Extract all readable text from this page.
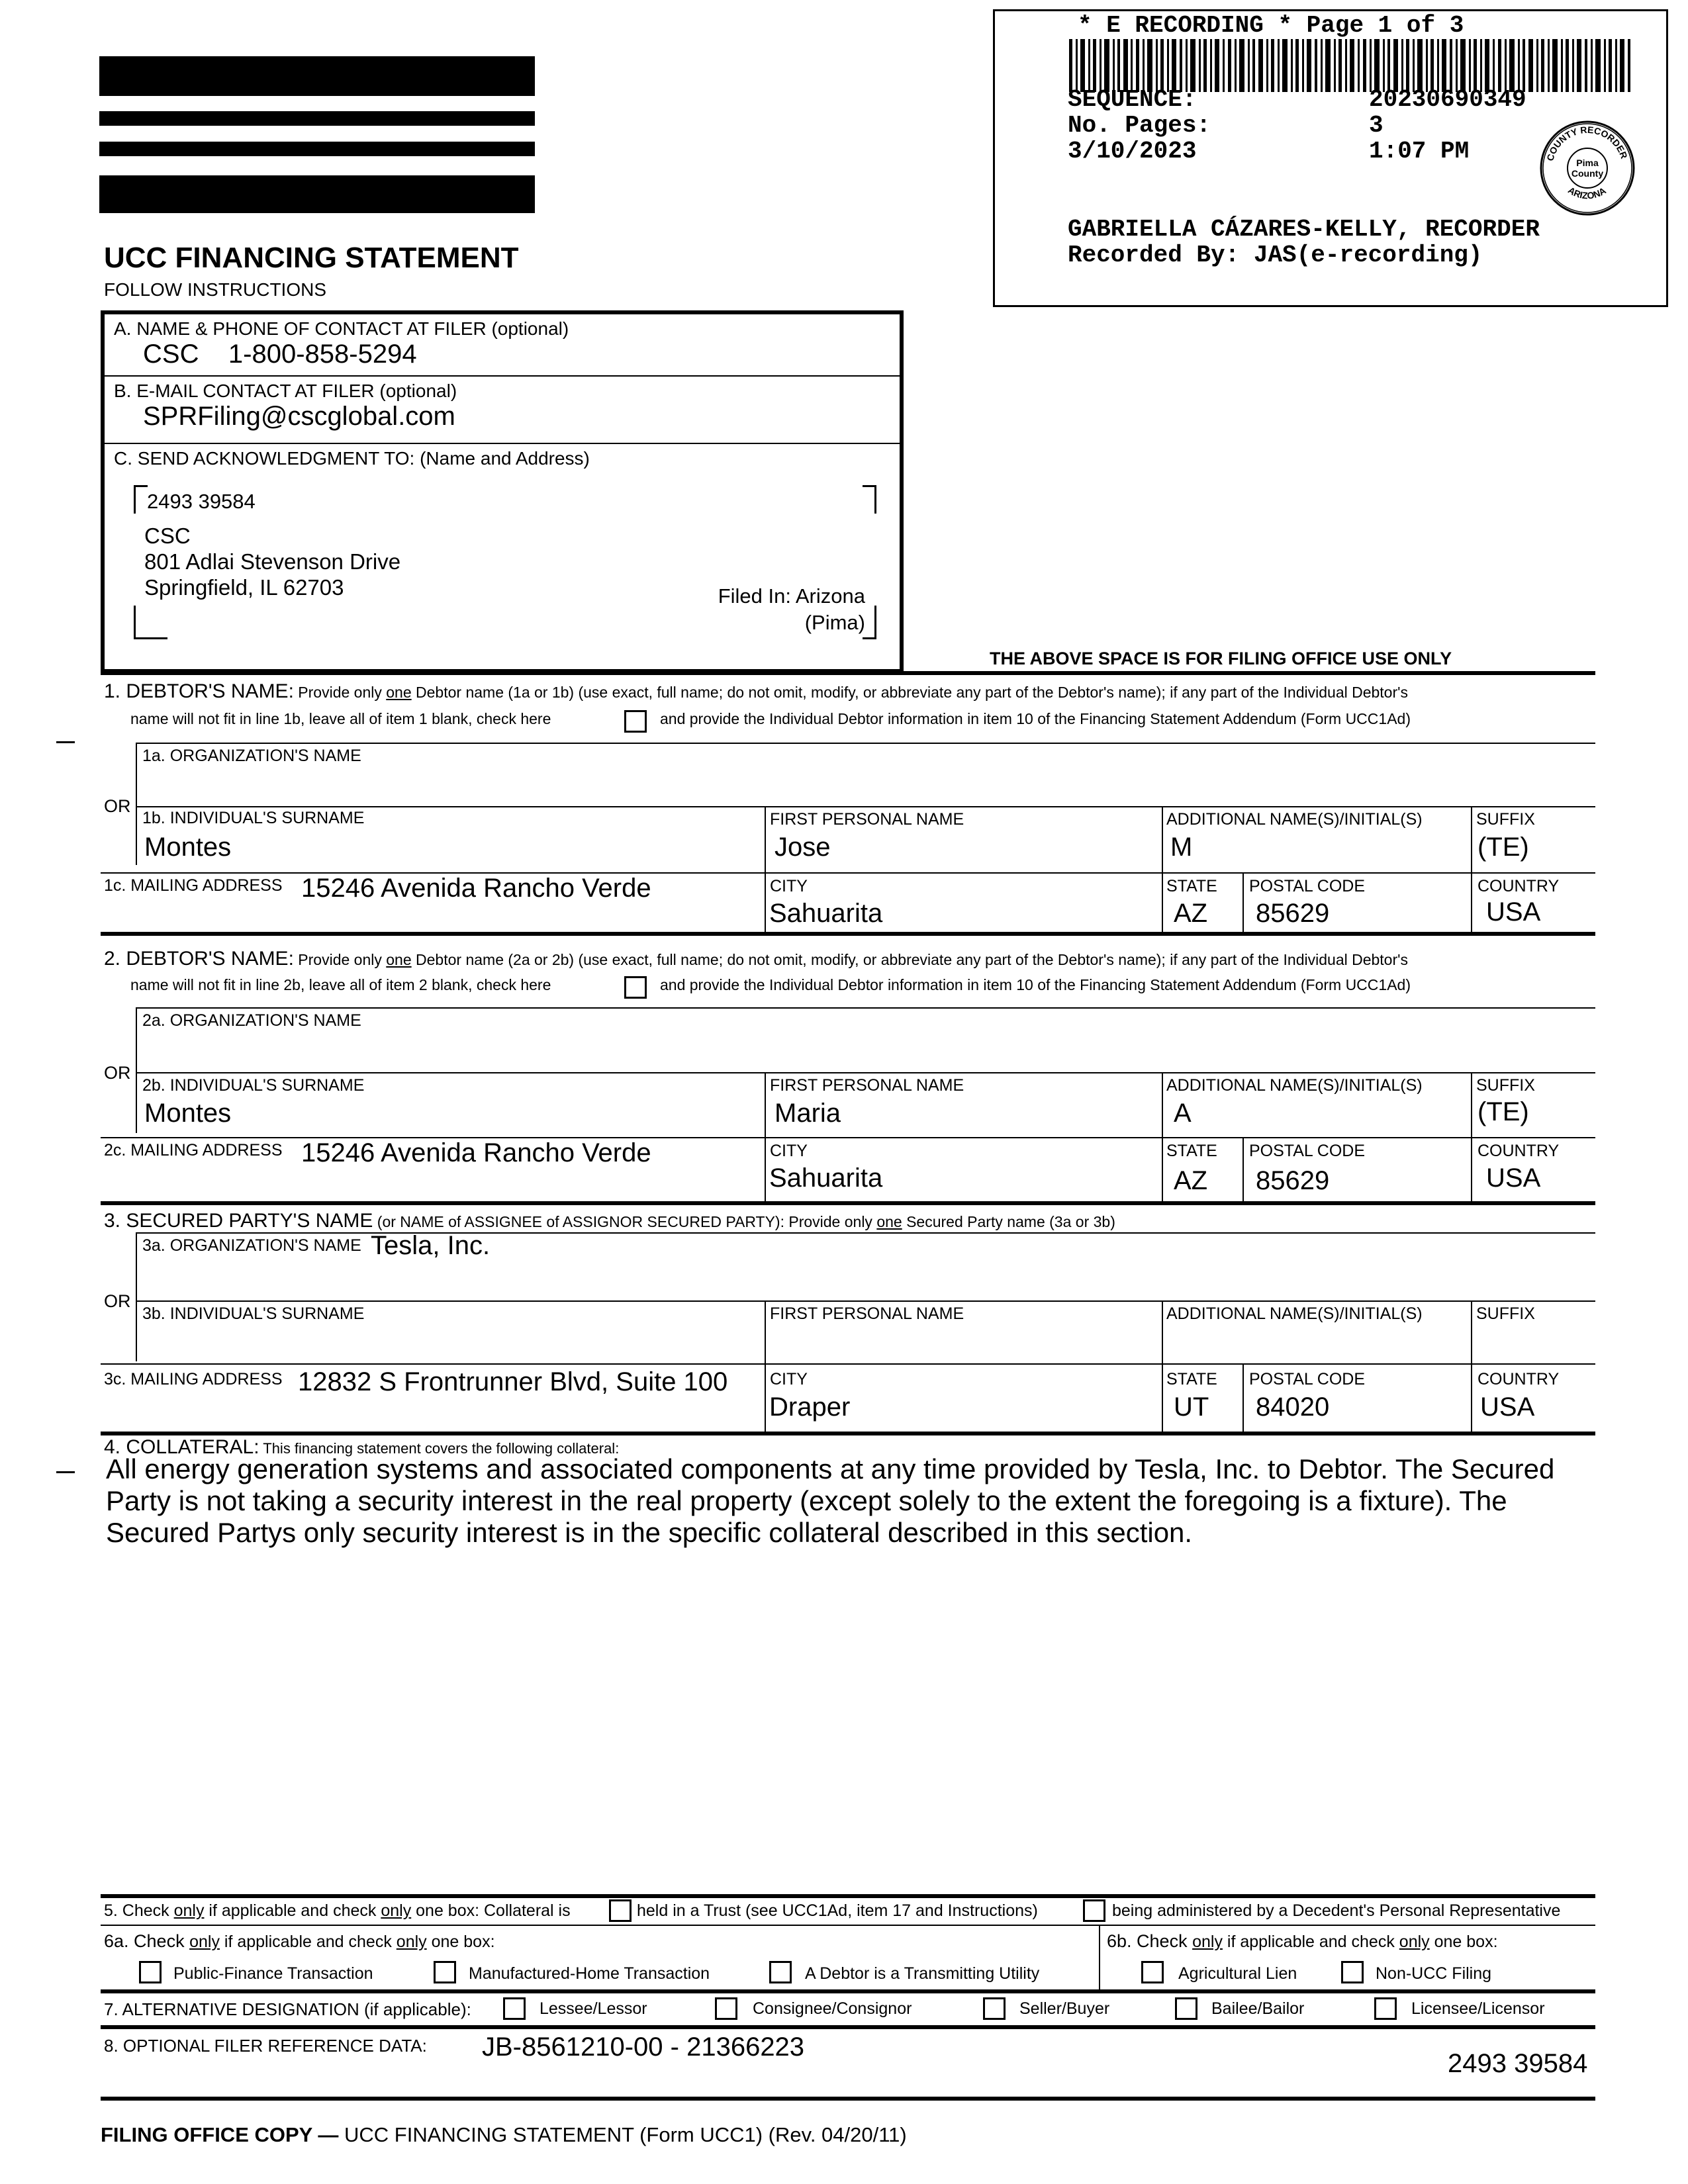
UCC FINANCING STATEMENT
FOLLOW INSTRUCTIONS
* E RECORDING * Page 1 of 3
SEQUENCE:	20230690349
No. Pages:	3
3/10/2023	1:07 PM
GABRIELLA CÁZARES-KELLY, RECORDER
Recorded By: JAS(e-recording)
COUNTY RECORDER
ARIZONA
Pima
County
A. NAME & PHONE OF CONTACT AT FILER (optional)
CSC    1-800-858-5294
B. E-MAIL CONTACT AT FILER (optional)
SPRFiling@cscglobal.com
C. SEND ACKNOWLEDGMENT TO: (Name and Address)
2493 39584
CSC
801 Adlai Stevenson Drive
Springfield, IL 62703	Filed In: Arizona
(Pima)
THE ABOVE SPACE IS FOR FILING OFFICE USE ONLY
1. DEBTOR'S NAME: Provide only one Debtor name (1a or 1b) (use exact, full name; do not omit, modify, or abbreviate any part of the Debtor's name); if any part of the Individual Debtor's
name will not fit in line 1b, leave all of item 1 blank, check here	and provide the Individual Debtor information in item 10 of the Financing Statement Addendum (Form UCC1Ad)
1a. ORGANIZATION'S NAME
OR
1b. INDIVIDUAL'S SURNAME
Montes
FIRST PERSONAL NAME
Jose
ADDITIONAL NAME(S)/INITIAL(S)
M
SUFFIX
(TE)
1c. MAILING ADDRESS 15246 Avenida Rancho Verde	CITY
Sahuarita
STATE
AZ
POSTAL CODE
85629
COUNTRY
USA
2. DEBTOR'S NAME: Provide only one Debtor name (2a or 2b) (use exact, full name; do not omit, modify, or abbreviate any part of the Debtor's name); if any part of the Individual Debtor's
name will not fit in line 2b, leave all of item 2 blank, check here	and provide the Individual Debtor information in item 10 of the Financing Statement Addendum (Form UCC1Ad)
2a. ORGANIZATION'S NAME
OR
2b. INDIVIDUAL'S SURNAME
Montes
FIRST PERSONAL NAME
Maria
ADDITIONAL NAME(S)/INITIAL(S)
A
SUFFIX
(TE)
2c. MAILING ADDRESS 15246 Avenida Rancho Verde	CITY
Sahuarita
STATE
AZ
POSTAL CODE
85629
COUNTRY
USA
3. SECURED PARTY'S NAME (or NAME of ASSIGNEE of ASSIGNOR SECURED PARTY): Provide only one Secured Party name (3a or 3b)
3a. ORGANIZATION'S NAME Tesla, Inc.
OR
3b. INDIVIDUAL'S SURNAME	FIRST PERSONAL NAME	ADDITIONAL NAME(S)/INITIAL(S)	SUFFIX
3c. MAILING ADDRESS 12832 S Frontrunner Blvd, Suite 100	CITY
Draper
STATE
UT
POSTAL CODE
84020
COUNTRY
USA
4. COLLATERAL: This financing statement covers the following collateral:
All energy generation systems and associated components at any time provided by Tesla, Inc. to Debtor. The Secured
Party is not taking a security interest in the real property (except solely to the extent the foregoing is a fixture). The
Secured Partys only security interest is in the specific collateral described in this section.
5. Check only if applicable and check only one box: Collateral is	held in a Trust (see UCC1Ad, item 17 and Instructions)	being administered by a Decedent's Personal Representative
6a. Check only if applicable and check only one box:	6b. Check only if applicable and check only one box:
Public-Finance Transaction	Manufactured-Home Transaction	A Debtor is a Transmitting Utility	Agricultural Lien	Non-UCC Filing
7. ALTERNATIVE DESIGNATION (if applicable):	Lessee/Lessor	Consignee/Consignor	Seller/Buyer	Bailee/Bailor	Licensee/Licensor
8. OPTIONAL FILER REFERENCE DATA: JB-8561210-00 - 21366223
2493 39584
FILING OFFICE COPY — UCC FINANCING STATEMENT (Form UCC1) (Rev. 04/20/11)
